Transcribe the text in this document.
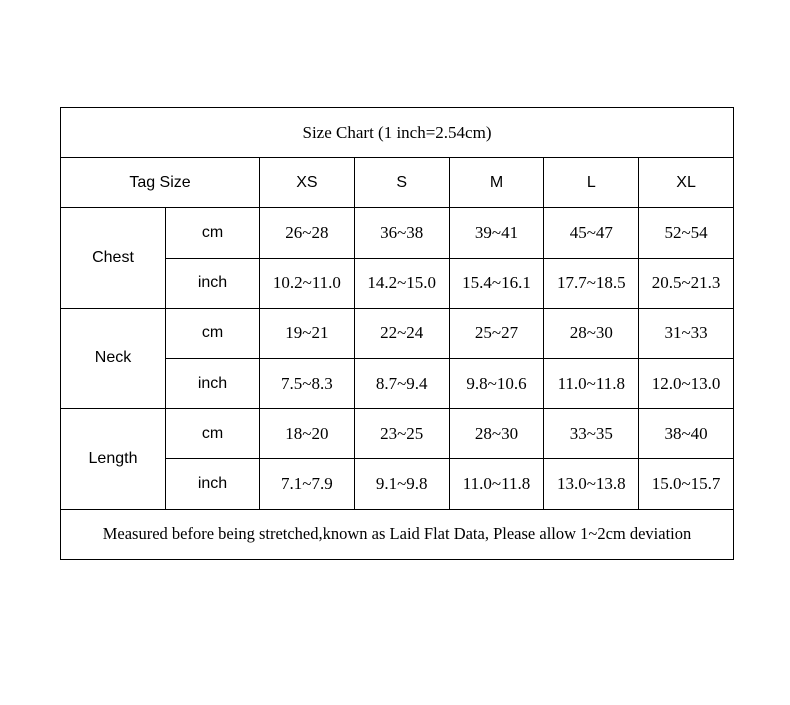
Size Chart (1 inch=2.54cm)						
Tag Size		XS	S	M	L	XL
Chest	cm	26~28	36~38	39~41	45~47	52~54
	inch	10.2~11.0	14.2~15.0	15.4~16.1	17.7~18.5	20.5~21.3
Neck	cm	19~21	22~24	25~27	28~30	31~33
	inch	7.5~8.3	8.7~9.4	9.8~10.6	11.0~11.8	12.0~13.0
Length	cm	18~20	23~25	28~30	33~35	38~40
	inch	7.1~7.9	9.1~9.8	11.0~11.8	13.0~13.8	15.0~15.7
Measured before being stretched,known as Laid Flat Data, Please allow 1~2cm deviation						
